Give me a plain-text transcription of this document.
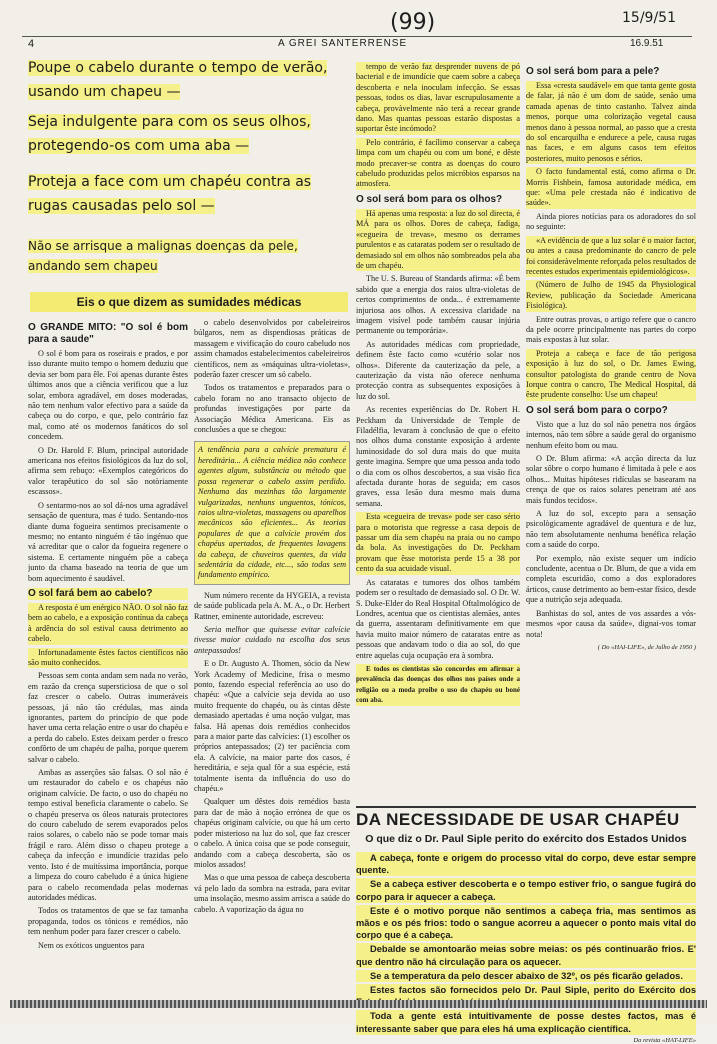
(99)	15/9/51
4	A GREI SANTERRENSE	16.9.51
Poupe o cabelo durante o tempo de verão, usando um chapeu —
Seja indulgente para com os seus olhos, protegendo-os com uma aba —
Proteja a face com um chapéu contra as rugas causadas pelo sol —
Não se arrisque a malignas doenças da pele, andando sem chapeu
Eis o que dizem as sumidades médicas
O GRANDE MITO: "O sol é bom para a saude"

O sol é bom para os roseirais e prados, e por isso durante muito tempo o homem deduziu que devia ser bom para êle. Foi apenas durante êstes últimos anos que a ciência verificou que a luz solar, embora agradável, em doses moderadas, não tem nenhum valor efectivo para a saúde da cabeça ou do corpo, e que, pelo contrário faz mal, como até os modernos fanáticos do sol concedem.

O Dr. Harold F. Blum, principal autoridade americana nos efeitos fisiológicos da luz do sol, afirma sem rebuço: «Exemplos categóricos do valor terapêutico do sol são notòriamente escassos».

O sentarmo-nos ao sol dá-nos uma agradável sensação de quentura, mas é tudo. Sentando-nos diante duma fogueira sentimos precisamente o mesmo; no entanto ninguém é tão ingénuo que vá acreditar que o calor da fogueira regenere o sistema. E certamente ninguém põe a cabeça junto da chama baseado na teoria de que um bom aquecimento é saudável.

O sol fará bem ao cabelo?

A resposta é um enérgico NÃO. O sol não faz bem ao cabelo, e a exposição contínua da cabeça à ardência do sol estival causa detrimento ao cabelo.

Infortunadamente êstes factos científicos não são muito conhecidos.

Pessoas sem conta andam sem nada no verão, em razão da crença supersticiosa de que o sol faz crescer o cabelo. Outras inumeráveis pessoas, já não tão crédulas, mas ainda ignorantes, partem do princípio de que pode haver uma certa relação entre o usar do chapéu e a perda do cabelo. Estes deixam perder o fresco confôrto de um chapéu de palha, porque querem salvar o cabelo.

Ambas as asserções são falsas. O sol não é um restaurador do cabelo e os chapéus não originam calvície. De facto, o uso do chapéu no tempo estival beneficia claramente o cabelo. Se o chapéu preserva os óleos naturais protectores do couro cabeludo de serem evaporados pelos raios solares, o cabelo não se pode tornar mais frágil e raro. Além disso o chapeu protege a cabeça da infecção e imundície trazidas pelo vento. Isto é de muitíssima importância, porque a limpeza do couro cabeludo é a única higiene para o cabelo recomendada pelas modernas autoridades médicas.

Todos os tratamentos de que se faz tamanha propaganda, todos os tónicos e remédios, não tem nenhum poder para fazer crescer o cabelo.

Nem os exóticos unguentos para

o cabelo desenvolvidos por cabeleireiros búlgaros, nem as dispendiosas práticas de massagem e vivificação do couro cabeludo nos assim chamados estabelecimentos cabeleireiros científicos, nem as «máquinas ultra-violetas», poderão fazer crescer um só cabelo.

Todos os tratamentos e preparados para o cabelo foram no ano transacto objecto de profundas investigações por parte da Associação Médica Americana. Eis as conclusões a que se chegou:

A tendência para a calvície prematura é hereditária... A ciência médica não conhece agentes algum, substância ou método que possa regenerar o cabelo assim perdido. Nenhuma das mezinhas tão largamente vulgarizadas, nenhuns unguentos, tónicos, raios ultra-violetas, massagens ou aparelhos mecânicos são eficientes... As teorias populares de que a calvície provém dos chapéus apertados, de frequentes lavagens da cabeça, de chuveiros quentes, da vida sedentária da cidade, etc..., são todas sem fundamento empírico.

Num número recente da HYGEIA, a revista de saúde publicada pela A. M. A., o Dr. Herbert Rattner, eminente autoridade, escreveu:

Seria melhor que quisesse evitar calvície tivesse maior cuidado na escolha dos seus antepassados!

E o Dr. Augusto A. Thomen, sócio da New York Academy of Medicine, frisa o mesmo ponto, fazendo especial referência ao uso do chapéu: «Que a calvície seja devida ao uso muito frequente do chapéu, ou às cintas dêste demasiado apertadas é uma noção vulgar, mas falsa. Há apenas dois remédios conhecidos para a maior parte das calvícies: (1) escolher os próprios antepassados; (2) ter paciência com ela. A calvície, na maior parte dos casos, é hereditária, e seja qual fôr a sua espécie, está totalmente isenta da influência do uso do chapéu.»

Qualquer um dêstes dois remédios basta para dar de mão à noção errónea de que os chapéus originam calvície, ou que há um certo poder misterioso na luz do sol, que faz crescer o cabelo. A única coisa que se pode conseguir, andando com a cabeça descoberta, são os miolos assados!

Mas o que uma pessoa de cabeça descoberta vá pelo lado da sombra na estrada, para evitar uma insolação, mesmo assim arrisca a saúde do cabelo. A vaporização da água no

tempo de verão faz desprender nuvens de pó bacterial e de imundície que caem sobre a cabeça descoberta e nela inoculam infecção. Se essas pessoas, todos os dias, lavar escrupulosamente a cabeça, provàvelmente não terá a recear grande dano. Mas quantas pessoas estarão dispostas a suportar êste incómodo?

Pelo contrário, é facílimo conservar a cabeça limpa com um chapéu ou com um boné, e dêste modo precaver-se contra as doenças do couro cabeludo produzidas pelos micróbios esparsos na atmosfera.

O sol será bom para os olhos?

Há apenas uma resposta: a luz do sol directa, é MÁ para os olhos. Dores de cabeça, fadiga, «cegueira de trevas», mesmo os derrames purulentos e as cataratas podem ser o resultado de demasiado sol em olhos não sombreados pela aba de um chapéu.

The U. S. Bureau of Standards afirma: «É bem sabido que a energia dos raios ultra-violetas de certos comprimentos de onda... é extremamente injuriosa aos olhos. A excessiva claridade na imagem visível pode também causar injúria permanente ou temporária».

As autoridades médicas com propriedade, definem êste facto como «cutério solar nos olhos». Diferente da cauterização da pele, a cauterização da vista não oferece nenhuma protecção contra as subsequentes exposições à luz do sol.

As recentes experiências do Dr. Robert H. Peckham da Universidade de Temple de Filadélfia, levaram à conclusão de que o efeito nos olhos duma constante exposição à ardente luminosidade do sol dura mais do que muita gente imagina. Sempre que uma pessoa anda todo o dia com os olhos descobertos, a sua visão fica afectada durante horas de seguida; em casos graves, essa lesão dura mesmo mais duma semana.

Esta «cegueira de trevas» pode ser caso sério para o motorista que regresse a casa depois de passar um dia sem chapéu na praia ou no campo da bola. As investigações do Dr. Peckham provam que êsse motorista perde 15 a 38 por cento da sua acuidade visual.

As cataratas e tumores dos olhos também podem ser o resultado de demasiado sol. O Dr. W. S. Duke-Elder do Real Hospital Oftalmológico de Londres, acentua que os cientistas alemães, antes da guerra, assentaram definitivamente em que havia muito maior número de cataratas entre as pessoas que andavam todo o dia ao sol, do que entre aquelas cuja ocupação era à sombra.

E todos os cientistas são concordes em afirmar a prevalência das doenças dos olhos nos países onde a religião ou a moda proibe o uso do chapéu ou boné com aba.

O sol será bom para a pele?

Essa «cresta saudável» em que tanta gente gosta de falar, já não é um dom de saúde, senão uma camada apenas de tinto castanho. Talvez ainda menos, porque uma colorização vegetal causa menos dano à pessoa normal, ao passo que a cresta do sol encarquilha e endurece a pele, causa rugas nas faces, e em alguns casos tem efeitos posteriores, muito penosos e sérios.

O facto fundamental está, como afirma o Dr. Morris Fishbein, famosa autoridade médica, em que: «Uma pele crestada não é indicativo de saúde».

Ainda piores notícias para os adoradores do sol no seguinte:

«A evidência de que a luz solar é o maior factor, ou antes a causa predominante do cancro de pele foi consideràvelmente reforçada pelos resultados de recentes estudos experimentais epidemiológicos».

(Número de Julho de 1945 da Physiological Review, publicação da Sociedade Americana Fisiológica).

Entre outras provas, o artigo refere que o cancro da pele ocorre principalmente nas partes do corpo mais expostas à luz solar.

Proteja a cabeça e face de tão perigosa exposição à luz do sol, o Dr. James Ewing, consultor patologista do grande centro de Nova Iorque contra o cancro, The Medical Hospital, dá êste prudente conselho: Use um chapeu!

O sol será bom para o corpo?

Visto que a luz do sol não penetra nos órgãos internos, não tem sôbre a saúde geral do organismo nenhum efeito bom ou mau.

O Dr. Blum afirma: «A acção directa da luz solar sôbre o corpo humano é limitada à pele e aos olhos... Muitas hipóteses ridículas se basearam na crença de que os raios solares penetram até aos mais fundos tecidos».

A luz do sol, excepto para a sensação psicològicamente agradável de quentura e de luz, não tem absolutamente nenhuma benéfica relação com a saúde do corpo.

Por exemplo, não existe sequer um indício concludente, acentua o Dr. Blum, de que a vida em completa escuridão, como a dos exploradores árticos, cause detrimento ao bem-estar físico, desde que a nutrição seja adequada.

Banhistas do sol, antes de vos assardes a vós-mesmos «por causa da saúde», dignai-vos tomar nota!

( Do «HAI-LIFE», de Julho de 1950 )
DA NECESSIDADE DE USAR CHAPÉU
O que diz o Dr. Paul Siple perito do exército dos Estados Unidos

A cabeça, fonte e origem do processo vital do corpo, deve estar sempre quente.

Se a cabeça estiver descoberta e o tempo estiver frio, o sangue fugirá do corpo para ir aquecer a cabeça.

Este é o motivo porque não sentimos a cabeça fria, mas sentimos as mãos e os pés frios: todo o sangue acorreu a aquecer o ponto mais vital do corpo que é a cabeça.

Debalde se amontoarão meias sobre meias: os pés continuarão frios. E' que dentro não há circulação para os aquecer.

Se a temperatura da pelo descer abaixo de 32º, os pés ficarão gelados.

Estes factos são fornecidos pelo Dr. Paul Siple, perito do Exército dos

Toda a gente está intuitivamente de posse destes factos, mas é interessante saber que para eles há uma explicação científica.

Da revista «HAT-LIFE»
